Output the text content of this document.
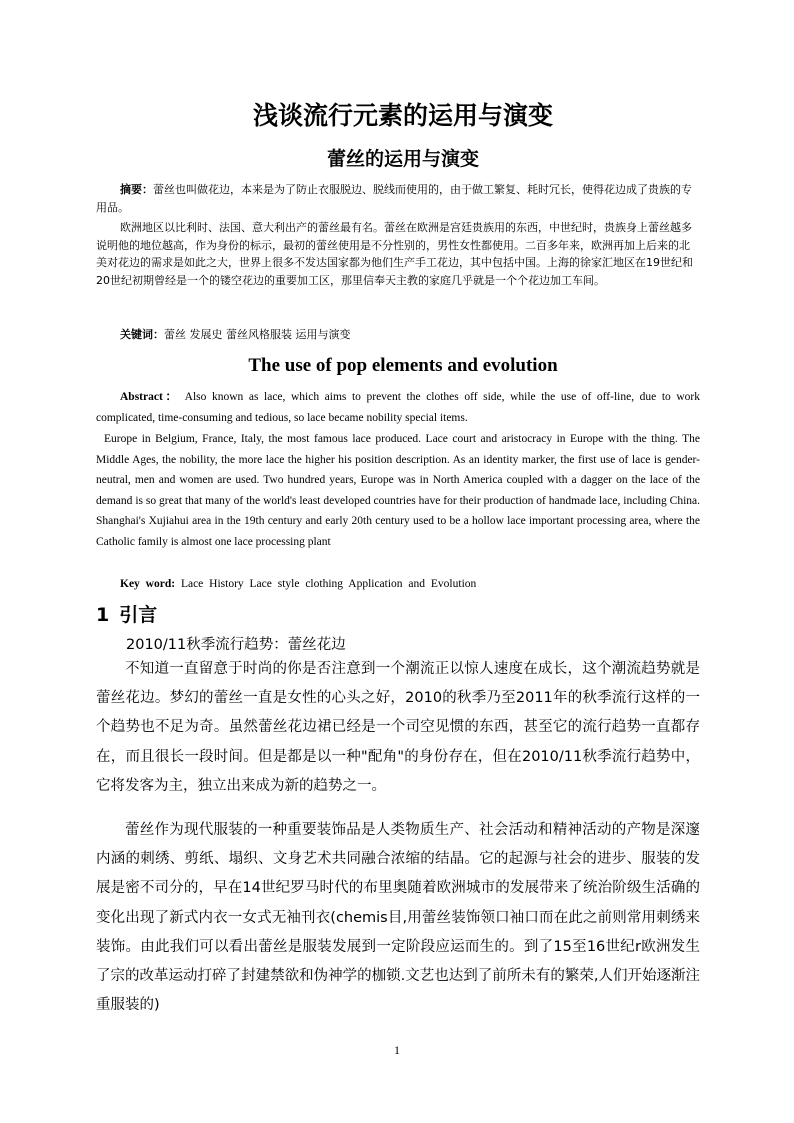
浅谈流行元素的运用与演变
蕾丝的运用与演变

摘要：蕾丝也叫做花边，本来是为了防止衣服脱边、脱线而使用的，由于做工繁复、耗时冗长，使得花边成了贵族的专用品。

欧洲地区以比利时、法国、意大利出产的蕾丝最有名。蕾丝在欧洲是宫廷贵族用的东西，中世纪时，贵族身上蕾丝越多说明他的地位越高，作为身份的标示，最初的蕾丝使用是不分性别的，男性女性都使用。二百多年来，欧洲再加上后来的北美对花边的需求是如此之大，世界上很多不发达国家都为他们生产手工花边，其中包括中国。上海的徐家汇地区在19世纪和20世纪初期曾经是一个的镂空花边的重要加工区，那里信奉天主教的家庭几乎就是一个个花边加工车间。

关键词：蕾丝 发展史 蕾丝风格服装 运用与演变

The use of pop elements and evolution

Abstract： Also known as lace, which aims to prevent the clothes off side, while the use of off-line, due to work complicated, time-consuming and tedious, so lace became nobility special items.

Europe in Belgium, France, Italy, the most famous lace produced. Lace court and aristocracy in Europe with the thing. The Middle Ages, the nobility, the more lace the higher his position description. As an identity marker, the first use of lace is gender-neutral, men and women are used. Two hundred years, Europe was in North America coupled with a dagger on the lace of the demand is so great that many of the world's least developed countries have for their production of handmade lace, including China. Shanghai's Xujiahui area in the 19th century and early 20th century used to be a hollow lace important processing area, where the Catholic family is almost one lace processing plant

Key word: Lace History Lace style clothing Application and Evolution

1 引言

2010/11秋季流行趋势：蕾丝花边

不知道一直留意于时尚的你是否注意到一个潮流正以惊人速度在成长，这个潮流趋势就是蕾丝花边。梦幻的蕾丝一直是女性的心头之好，2010的秋季乃至2011年的秋季流行这样的一个趋势也不足为奇。虽然蕾丝花边裙已经是一个司空见惯的东西，甚至它的流行趋势一直都存在，而且很长一段时间。但是都是以一种"配角"的身份存在，但在2010/11秋季流行趋势中，它将发客为主，独立出来成为新的趋势之一。

蕾丝作为现代服装的一种重要装饰品是人类物质生产、社会活动和精神活动的产物是深邃内涵的刺绣、剪纸、塌织、文身艺术共同融合浓缩的结晶。它的起源与社会的进步、服装的发展是密不司分的，早在14世纪罗马时代的布里奥随着欧洲城市的发展带来了统治阶级生活确的变化出现了新式内衣一女式无袖刊衣(chemis目,用蕾丝装饰领口袖口而在此之前则常用刺绣来装饰。由此我们可以看出蕾丝是服装发展到一定阶段应运而生的。到了15至16世纪r欧洲发生了宗的改革运动打碎了封建禁欲和伪神学的枷锁.文艺也达到了前所未有的繁荣,人们开始逐渐注重服装的)

1
